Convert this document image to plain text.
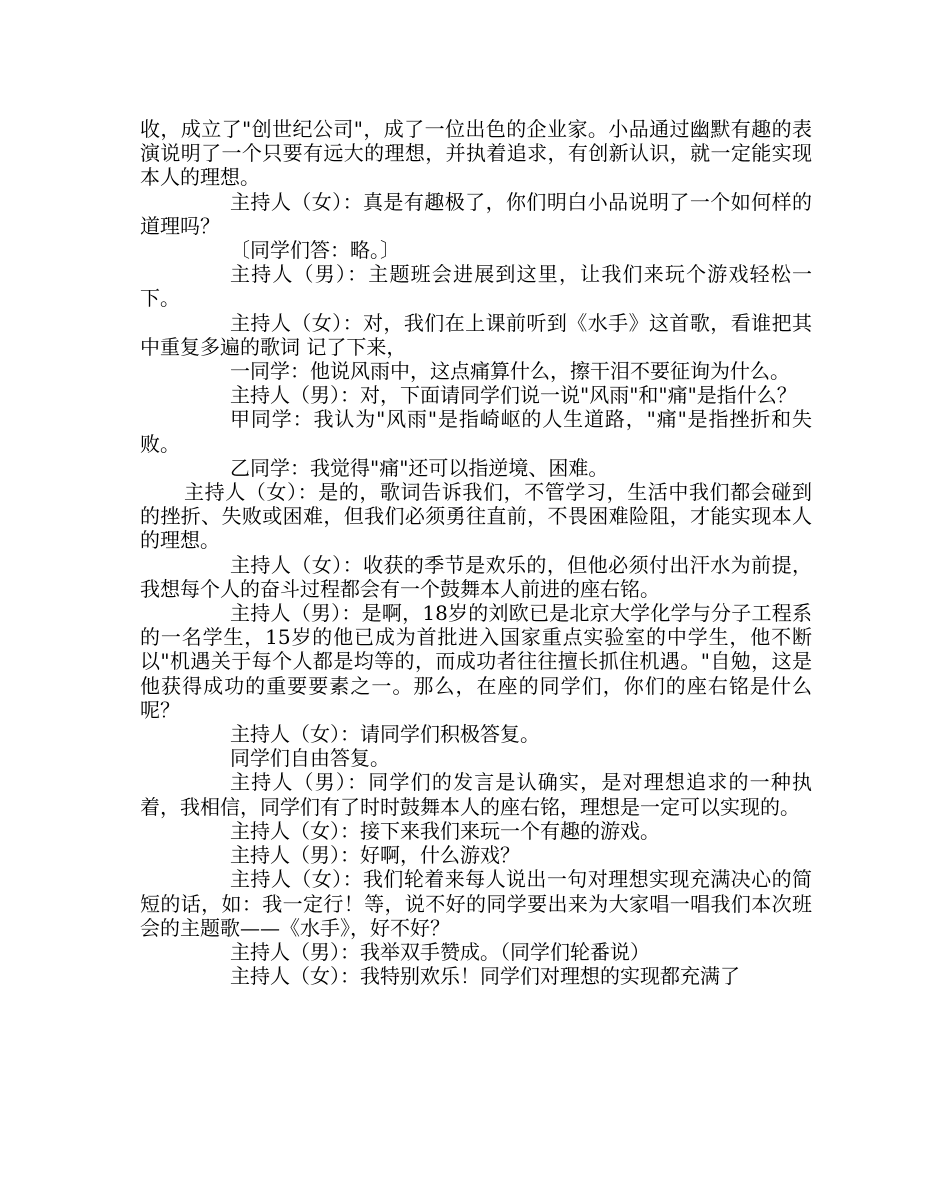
收，成立了"创世纪公司"，成了一位出色的企业家。小品通过幽默有趣的表演说明了一个只要有远大的理想，并执着追求，有创新认识，就一定能实现本人的理想。

主持人（女）：真是有趣极了，你们明白小品说明了一个如何样的道理吗？

〔同学们答：略。〕

主持人（男）：主题班会进展到这里，让我们来玩个游戏轻松一下。

主持人（女）：对，我们在上课前听到《水手》这首歌，看谁把其中重复多遍的歌词 记了下来，

一同学：他说风雨中，这点痛算什么，擦干泪不要征询为什么。

主持人（男）：对，下面请同学们说一说"风雨"和"痛"是指什么？

甲同学：我认为"风雨"是指崎岖的人生道路，"痛"是指挫折和失败。

乙同学：我觉得"痛"还可以指逆境、困难。

主持人（女）：是的，歌词告诉我们，不管学习，生活中我们都会碰到的挫折、失败或困难，但我们必须勇往直前，不畏困难险阻，才能实现本人的理想。

主持人（女）：收获的季节是欢乐的，但他必须付出汗水为前提，我想每个人的奋斗过程都会有一个鼓舞本人前进的座右铭。

主持人（男）：是啊，18岁的刘欧已是北京大学化学与分子工程系的一名学生，15岁的他已成为首批进入国家重点实验室的中学生，他不断以"机遇关于每个人都是均等的，而成功者往往擅长抓住机遇。"自勉，这是他获得成功的重要要素之一。那么，在座的同学们，你们的座右铭是什么呢？

主持人（女）：请同学们积极答复。

同学们自由答复。

主持人（男）：同学们的发言是认确实，是对理想追求的一种执着，我相信，同学们有了时时鼓舞本人的座右铭，理想是一定可以实现的。

主持人（女）：接下来我们来玩一个有趣的游戏。

主持人（男）：好啊，什么游戏？

主持人（女）：我们轮着来每人说出一句对理想实现充满决心的简短的话，如：我一定行！等，说不好的同学要出来为大家唱一唱我们本次班会的主题歌——《水手》，好不好？

主持人（男）：我举双手赞成。（同学们轮番说）

主持人（女）：我特别欢乐！同学们对理想的实现都充满了
